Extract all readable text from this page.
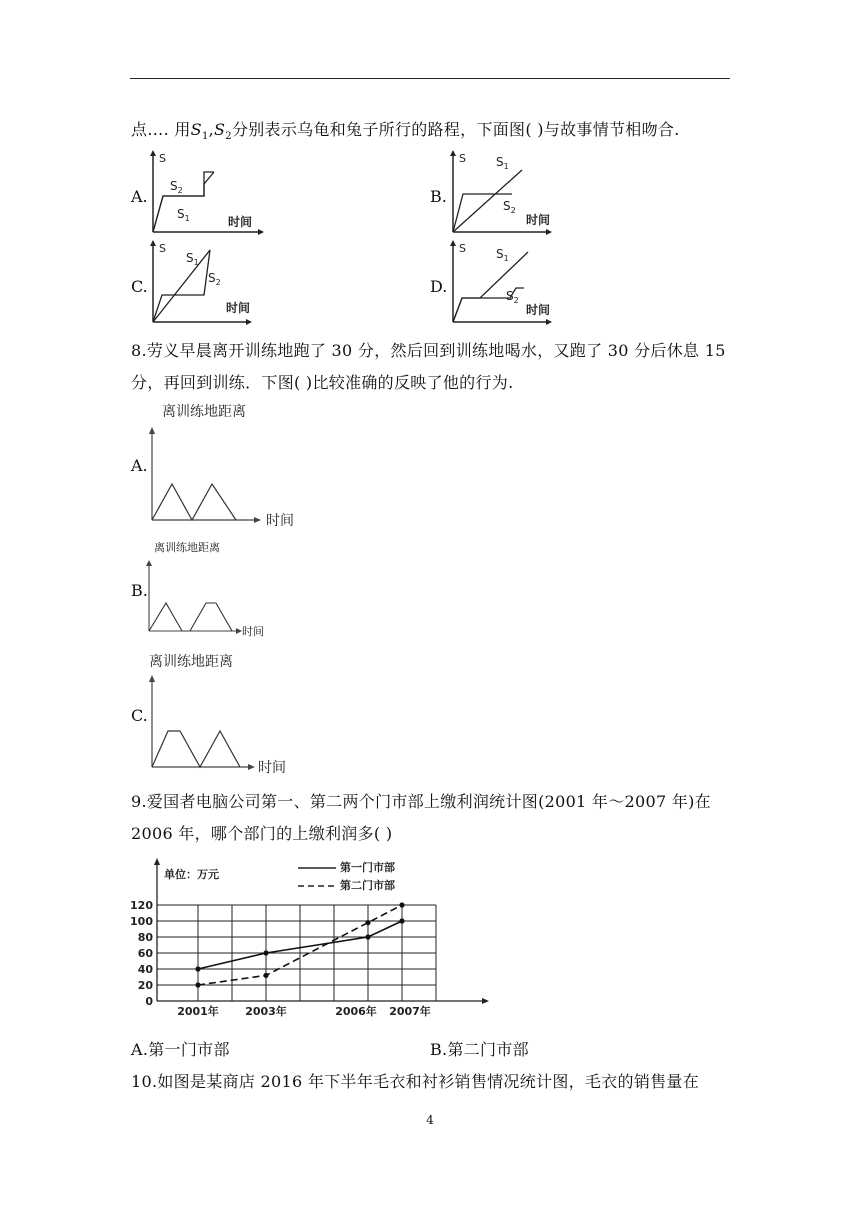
点…. 用$S_1,S_2$分别表示乌龟和兔子所行的路程，下面图( )与故事情节相吻合.
A.	B.
C.	D.
S
$S_2$
$S_1$	时间
S	$S_1$
$S_2$
时间
S
$S_1$
$S_2$
时间
S	$S_1$
$S_2$
时间
8.劳义早晨离开训练地跑了 30 分，然后回到训练地喝水，又跑了 30 分后休息 15
分，再回到训练．下图( )比较准确的反映了他的行为.
A.
B.
C.
离训练地距离
时间
离训练地距离
时间
离训练地距离
时间
9.爱国者电脑公司第一、第二两个门市部上缴利润统计图(2001 年～2007 年)在
2006 年，哪个部门的上缴利润多( )
单位：万元
第一门市部
第二门市部
0
20
40
60
80
100
120
2001年 2003年	2006年 2007年
A.第一门市部	B.第二门市部
10.如图是某商店 2016 年下半年毛衣和衬衫销售情况统计图，毛衣的销售量在
4
